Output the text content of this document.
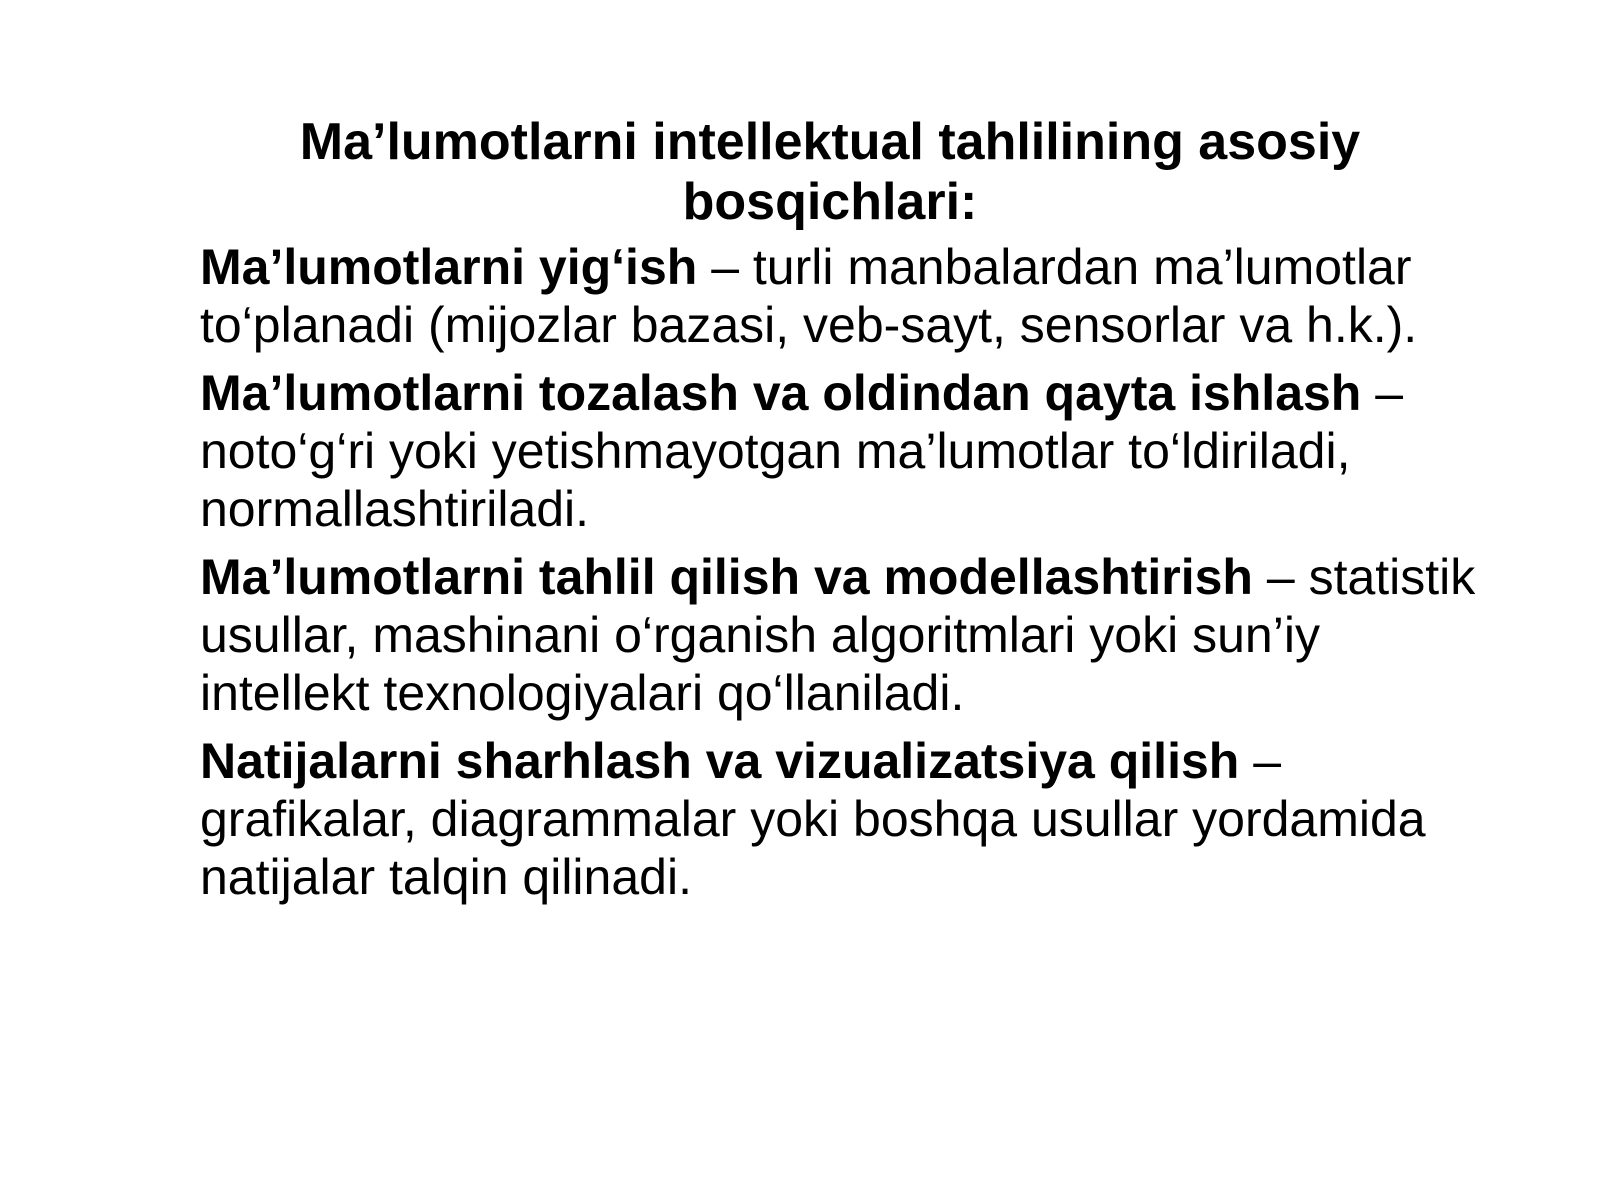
Ma’lumotlarni intellektual tahlilining asosiy bosqichlari:
Ma’lumotlarni yig‘ish – turli manbalardan ma’lumotlar to‘planadi (mijozlar bazasi, veb-sayt, sensorlar va h.k.).
Ma’lumotlarni tozalash va oldindan qayta ishlash – noto‘g‘ri yoki yetishmayotgan ma’lumotlar to‘ldiriladi, normallashtiriladi.
Ma’lumotlarni tahlil qilish va modellashtirish – statistik usullar, mashinani o‘rganish algoritmlari yoki sun’iy intellekt texnologiyalari qo‘llaniladi.
Natijalarni sharhlash va vizualizatsiya qilish – grafikalar, diagrammalar yoki boshqa usullar yordamida natijalar talqin qilinadi.
